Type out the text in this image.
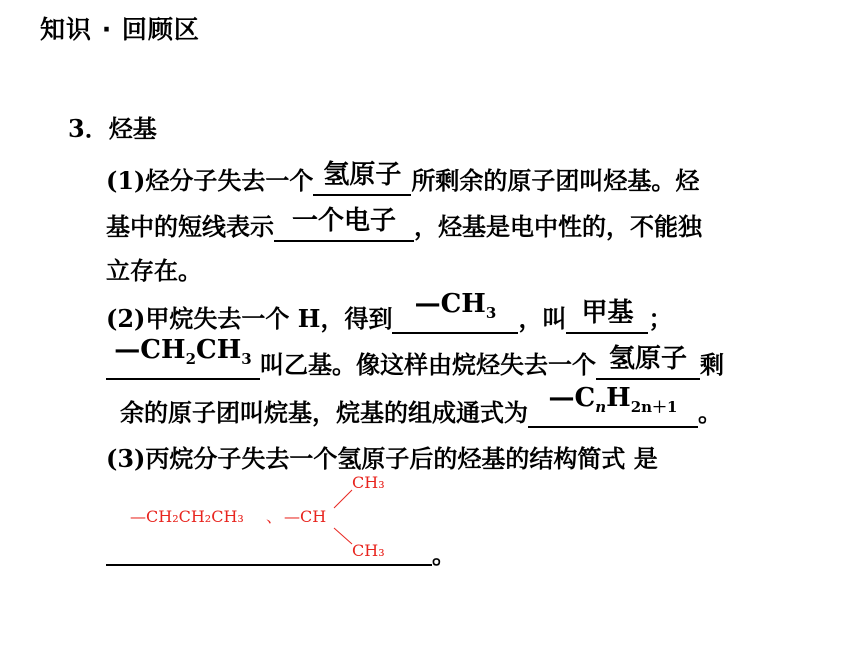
知识 · 回顾区
3．烃基
(1)烃分子失去一个 氢原子 所剩余的原子团叫烃基。烃
基中的短线表示 一个电子 ，烃基是电中性的，不能独
立存在。
(2)甲烷失去一个 H，得到 $—CH_3$ ，叫 甲基 ；
$—CH_2CH_3$ 叫乙基。像这样由烷烃失去一个 氢原子 剩
余的原子团叫烷基，烷基的组成通式为 $—C_nH_{2n+1}$ 。
(3)丙烷分子失去一个氢原子后的烃基的结构简式 是
—CH₂CH₂CH₃ 、 —CH
CH₃
CH₃ 。
